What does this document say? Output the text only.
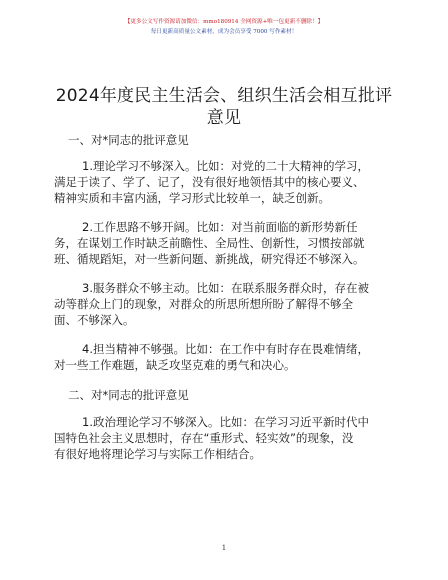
【更多公文写作资源请加微信：mmo180914 全网资源+唯一包更新不删除！】
每日更新高质量公文素材，成为会员享受 7000 写作素材！
2024年度民主生活会、组织生活会相互批评意见
一、对*同志的批评意见
1.理论学习不够深入。比如：对党的二十大精神的学习，
满足于读了、学了、记了，没有很好地领悟其中的核心要义、
精神实质和丰富内涵，学习形式比较单一，缺乏创新。
2.工作思路不够开阔。比如：对当前面临的新形势新任
务，在谋划工作时缺乏前瞻性、全局性、创新性，习惯按部就
班、循规蹈矩，对一些新问题、新挑战，研究得还不够深入。
3.服务群众不够主动。比如：在联系服务群众时，存在被
动等群众上门的现象，对群众的所思所想所盼了解得不够全
面、不够深入。
4.担当精神不够强。比如：在工作中有时存在畏难情绪，
对一些工作难题，缺乏攻坚克难的勇气和决心。
二、对*同志的批评意见
1.政治理论学习不够深入。比如：在学习习近平新时代中
国特色社会主义思想时，存在“重形式、轻实效”的现象，没
有很好地将理论学习与实际工作相结合。
1
